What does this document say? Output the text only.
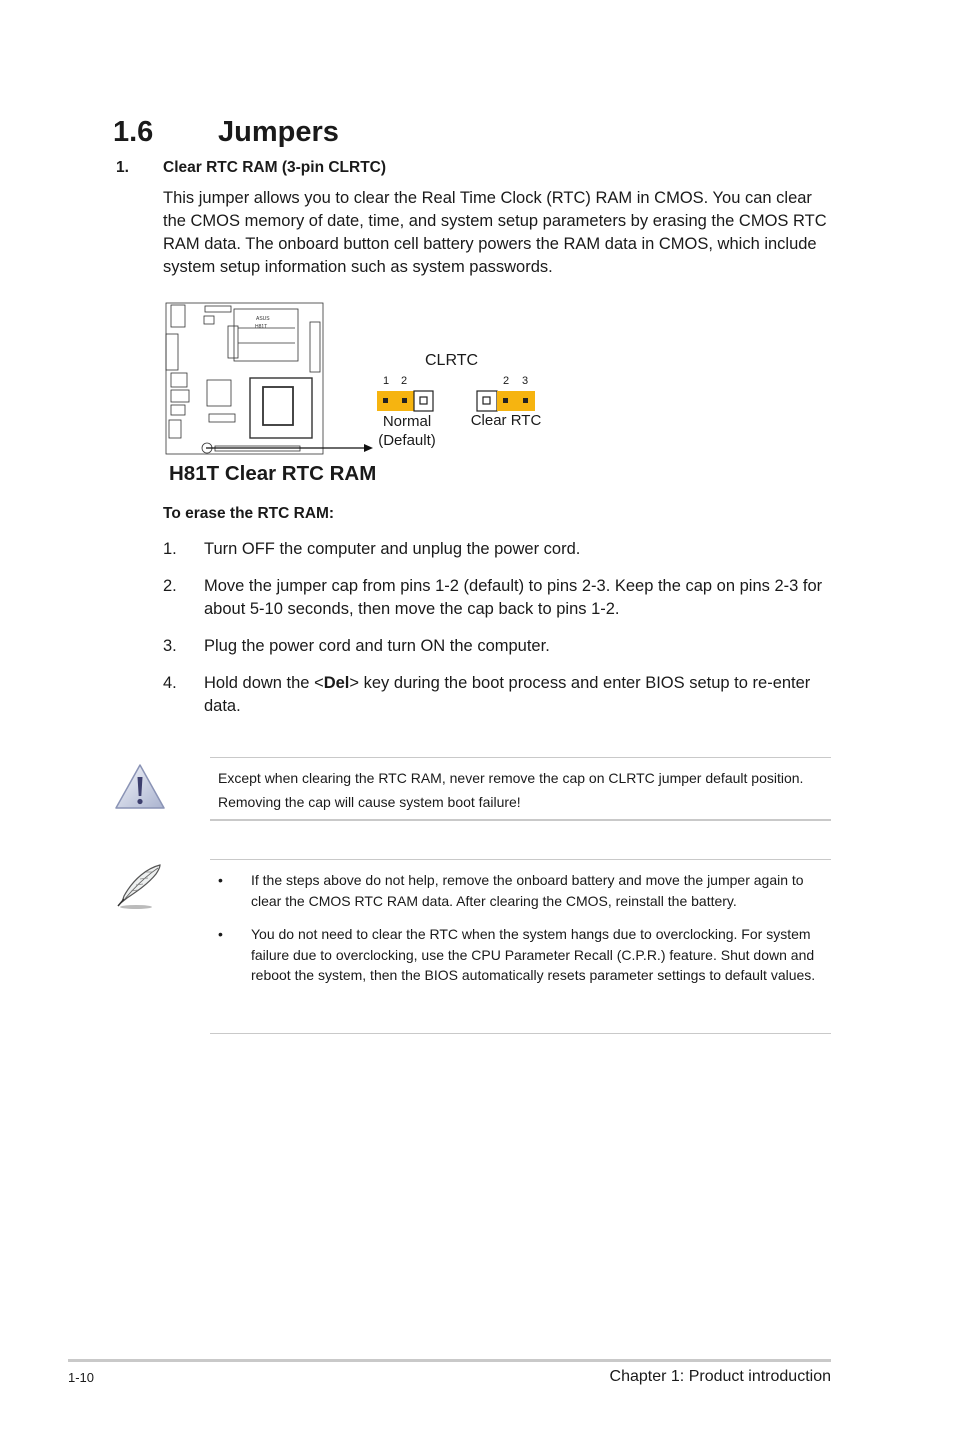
1.6 Jumpers
1. Clear RTC RAM (3-pin CLRTC)

This jumper allows you to clear the Real Time Clock (RTC) RAM in CMOS. You can clear the CMOS memory of date, time, and system setup parameters by erasing the CMOS RTC RAM data. The onboard button cell battery powers the RAM data in CMOS, which include system setup information such as system passwords.

ASUS
H81T
CLRTC
1 2	2 3
Normal
(Default)
Clear RTC
H81T Clear RTC RAM
To erase the RTC RAM:
1. Turn OFF the computer and unplug the power cord.
2. Move the jumper cap from pins 1-2 (default) to pins 2-3. Keep the cap on pins 2-3 for about 5-10 seconds, then move the cap back to pins 1-2.
3. Plug the power cord and turn ON the computer.
4. Hold down the <Del> key during the boot process and enter BIOS setup to re-enter data.

Except when clearing the RTC RAM, never remove the cap on CLRTC jumper default position. Removing the cap will cause system boot failure!

• If the steps above do not help, remove the onboard battery and move the jumper again to clear the CMOS RTC RAM data. After clearing the CMOS, reinstall the battery.
• You do not need to clear the RTC when the system hangs due to overclocking. For system failure due to overclocking, use the CPU Parameter Recall (C.P.R.) feature. Shut down and reboot the system, then the BIOS automatically resets parameter settings to default values.
1-10	Chapter 1: Product introduction
